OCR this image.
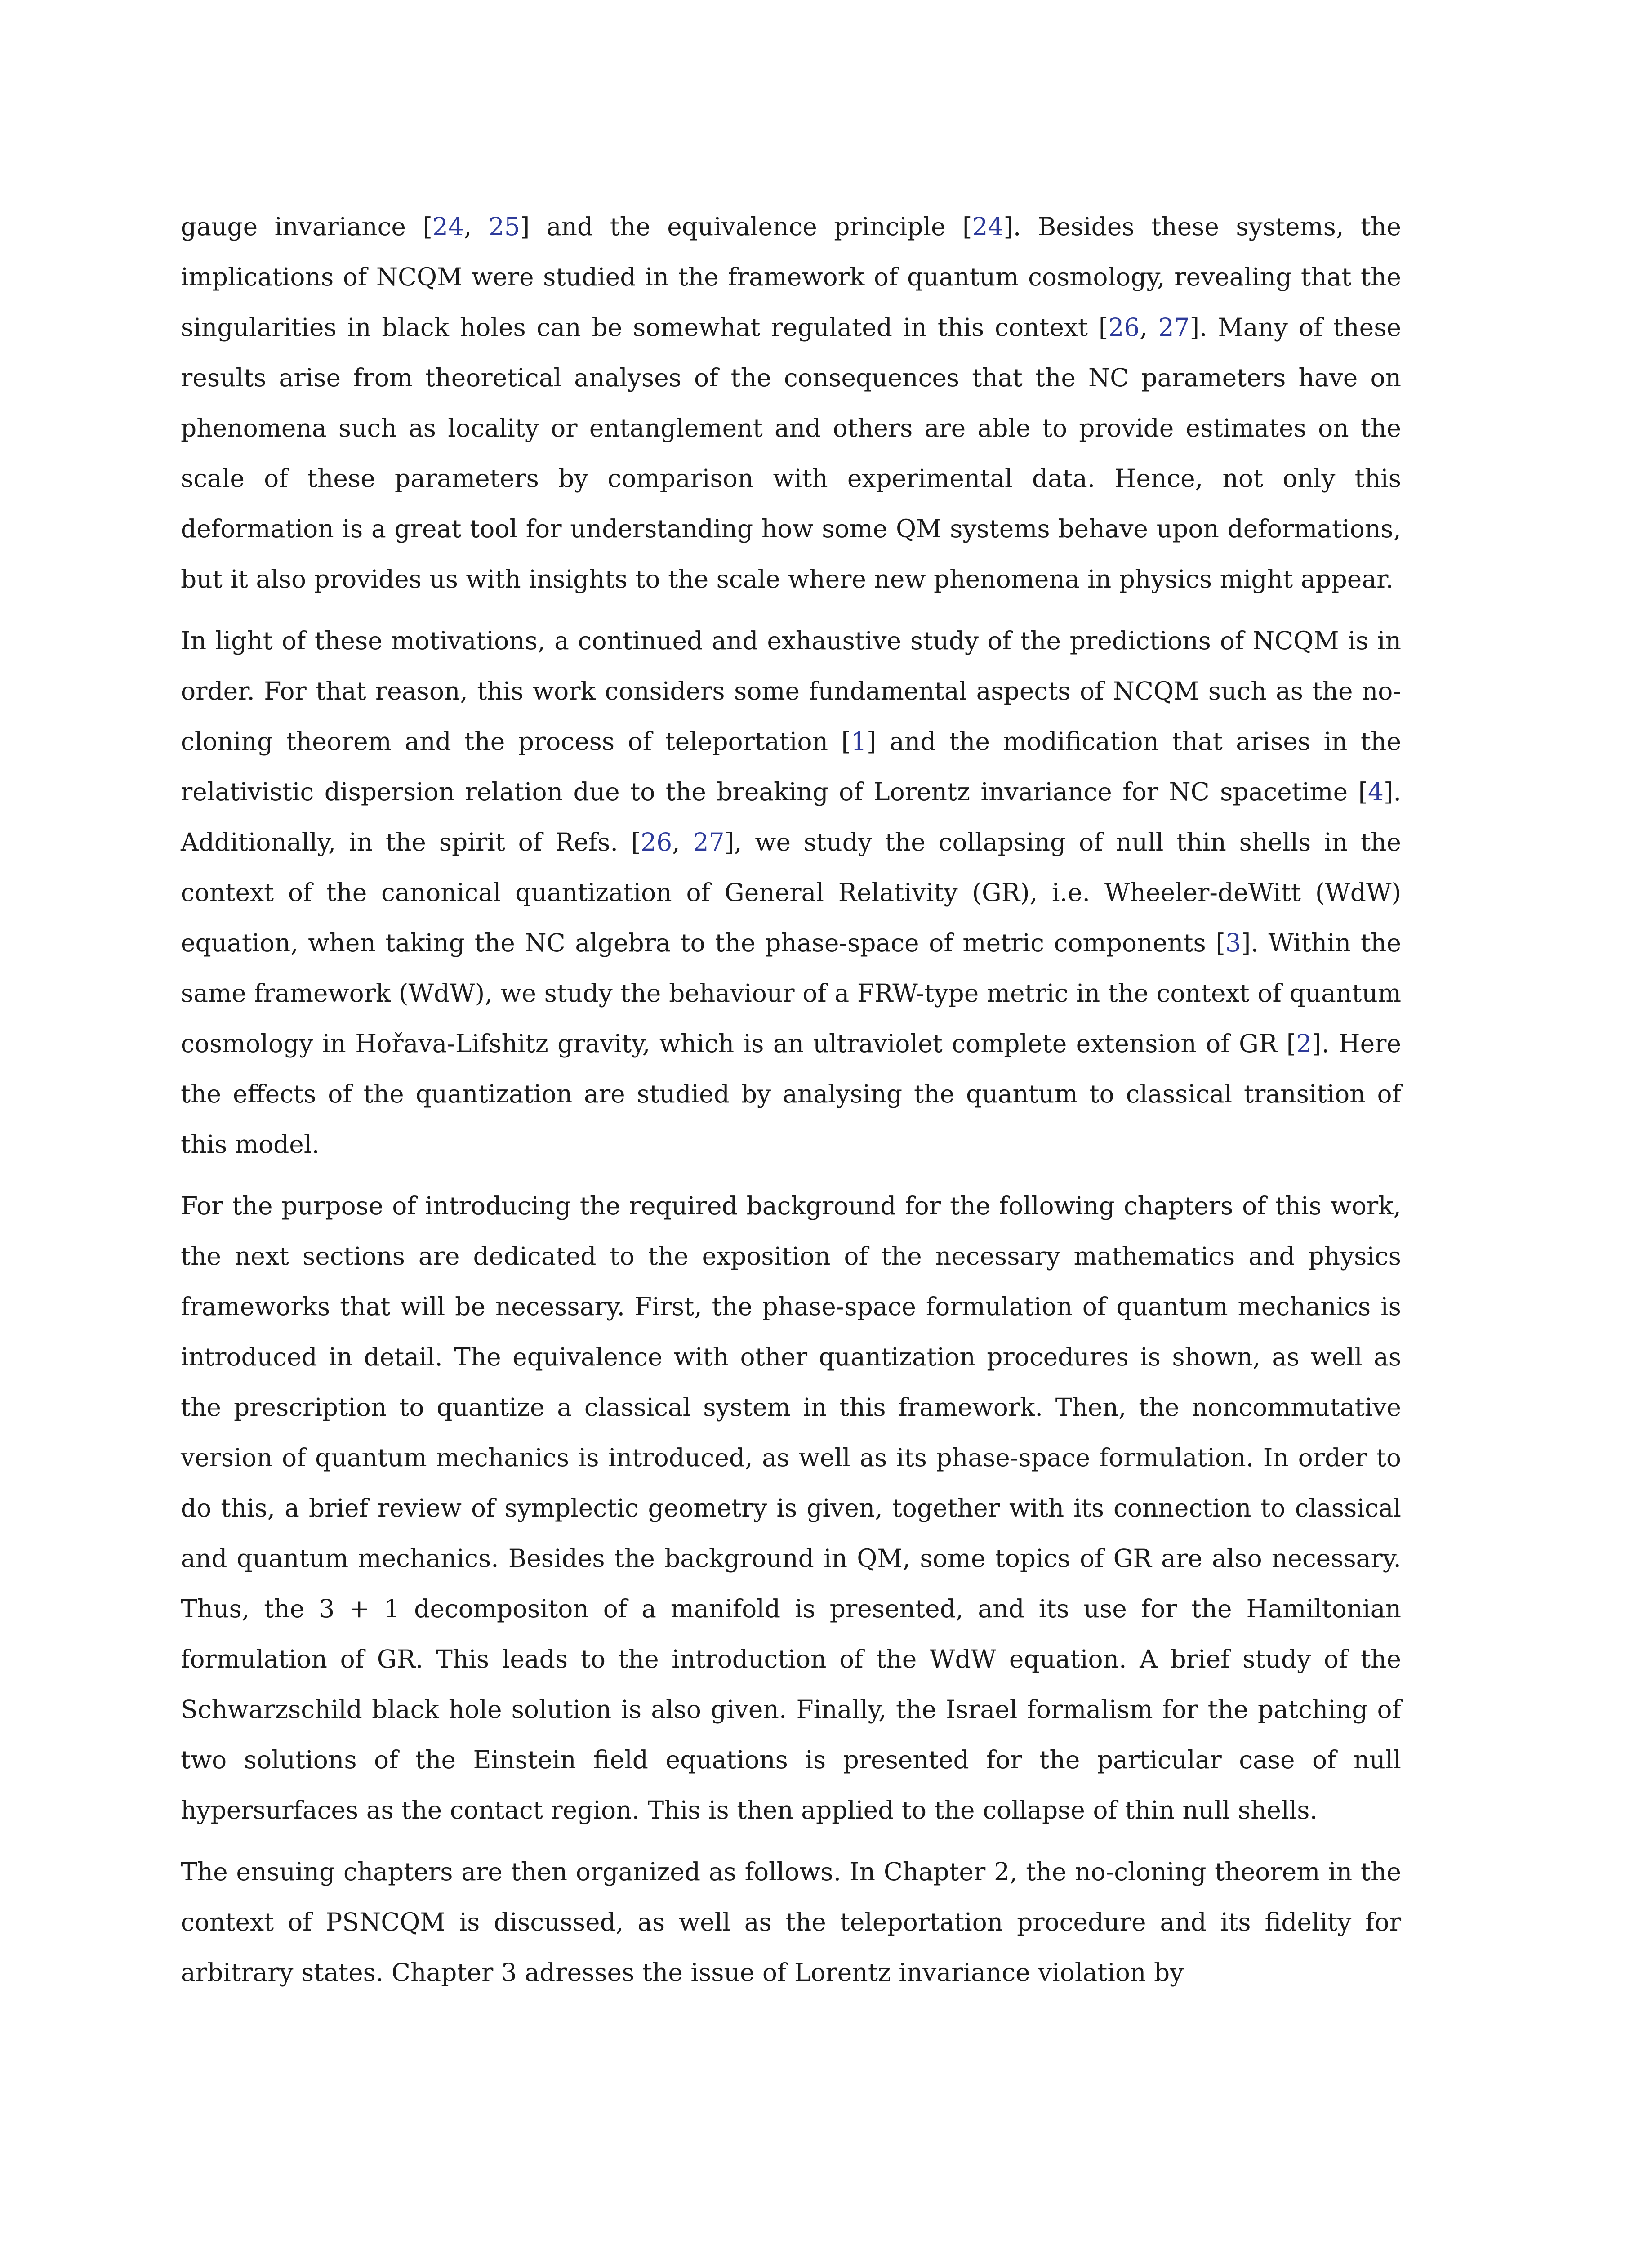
gauge invariance [24, 25] and the equivalence principle [24]. Besides these systems, the implications of NCQM were studied in the framework of quantum cosmology, revealing that the singularities in black holes can be somewhat regulated in this context [26, 27]. Many of these results arise from theoretical analyses of the consequences that the NC parameters have on phenomena such as locality or entanglement and others are able to provide estimates on the scale of these parameters by comparison with experimental data. Hence, not only this deformation is a great tool for understanding how some QM systems behave upon deformations, but it also provides us with insights to the scale where new phenomena in physics might appear.

In light of these motivations, a continued and exhaustive study of the predictions of NCQM is in order. For that reason, this work considers some fundamental aspects of NCQM such as the no-cloning theorem and the process of teleportation [1] and the modification that arises in the relativistic dispersion relation due to the breaking of Lorentz invariance for NC spacetime [4]. Additionally, in the spirit of Refs. [26, 27], we study the collapsing of null thin shells in the context of the canonical quantization of General Relativity (GR), i.e. Wheeler-deWitt (WdW) equation, when taking the NC algebra to the phase-space of metric components [3]. Within the same framework (WdW), we study the behaviour of a FRW-type metric in the context of quantum cosmology in Hořava-Lifshitz gravity, which is an ultraviolet complete extension of GR [2]. Here the effects of the quantization are studied by analysing the quantum to classical transition of this model.

For the purpose of introducing the required background for the following chapters of this work, the next sections are dedicated to the exposition of the necessary mathematics and physics frameworks that will be necessary. First, the phase-space formulation of quantum mechanics is introduced in detail. The equivalence with other quantization procedures is shown, as well as the prescription to quantize a classical system in this framework. Then, the noncommutative version of quantum mechanics is introduced, as well as its phase-space formulation. In order to do this, a brief review of symplectic geometry is given, together with its connection to classical and quantum mechanics. Besides the background in QM, some topics of GR are also necessary. Thus, the 3 + 1 decompositon of a manifold is presented, and its use for the Hamiltonian formulation of GR. This leads to the introduction of the WdW equation. A brief study of the Schwarzschild black hole solution is also given. Finally, the Israel formalism for the patching of two solutions of the Einstein field equations is presented for the particular case of null hypersurfaces as the contact region. This is then applied to the collapse of thin null shells.

The ensuing chapters are then organized as follows. In Chapter 2, the no-cloning theorem in the context of PSNCQM is discussed, as well as the teleportation procedure and its fidelity for arbitrary states. Chapter 3 adresses the issue of Lorentz invariance violation by
